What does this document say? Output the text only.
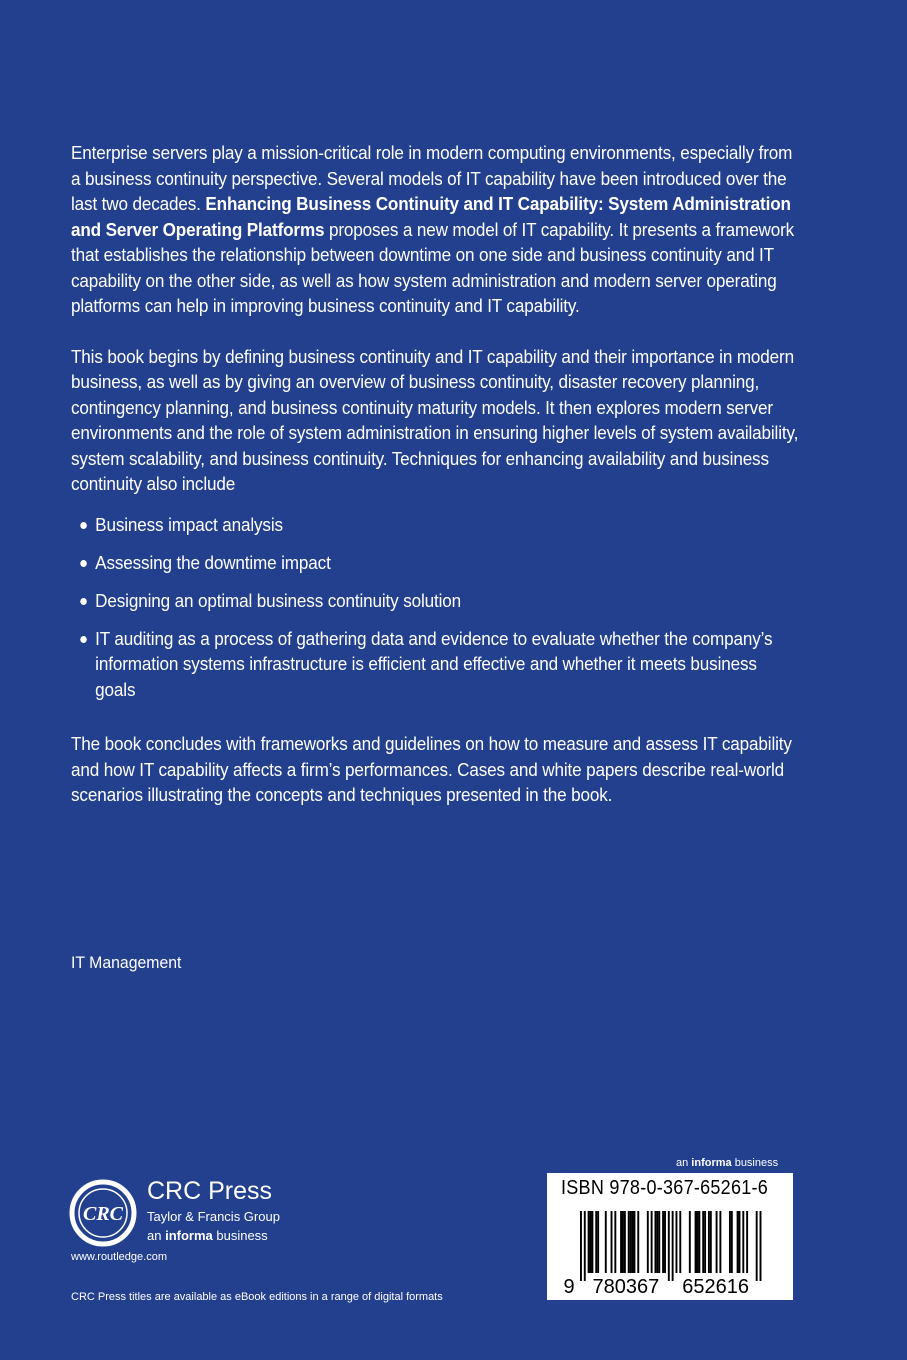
Enterprise servers play a mission-critical role in modern computing environments, especially from a business continuity perspective. Several models of IT capability have been introduced over the last two decades. Enhancing Business Continuity and IT Capability: System Administration and Server Operating Platforms proposes a new model of IT capability. It presents a framework that establishes the relationship between downtime on one side and business continuity and IT capability on the other side, as well as how system administration and modern server operating platforms can help in improving business continuity and IT capability.

This book begins by defining business continuity and IT capability and their importance in modern business, as well as by giving an overview of business continuity, disaster recovery planning, contingency planning, and business continuity maturity models. It then explores modern server environments and the role of system administration in ensuring higher levels of system availability, system scalability, and business continuity. Techniques for enhancing availability and business continuity also include

Business impact analysis
Assessing the downtime impact
Designing an optimal business continuity solution
IT auditing as a process of gathering data and evidence to evaluate whether the company’s information systems infrastructure is efficient and effective and whether it meets business goals

The book concludes with frameworks and guidelines on how to measure and assess IT capability and how IT capability affects a firm’s performances. Cases and white papers describe real-world scenarios illustrating the concepts and techniques presented in the book.

IT Management
CRC
CRC Press
Taylor & Francis Group
an informa business
www.routledge.com
CRC Press titles are available as eBook editions in a range of digital formats
an informa business
ISBN 978-0-367-65261-6
9 780367 652616
